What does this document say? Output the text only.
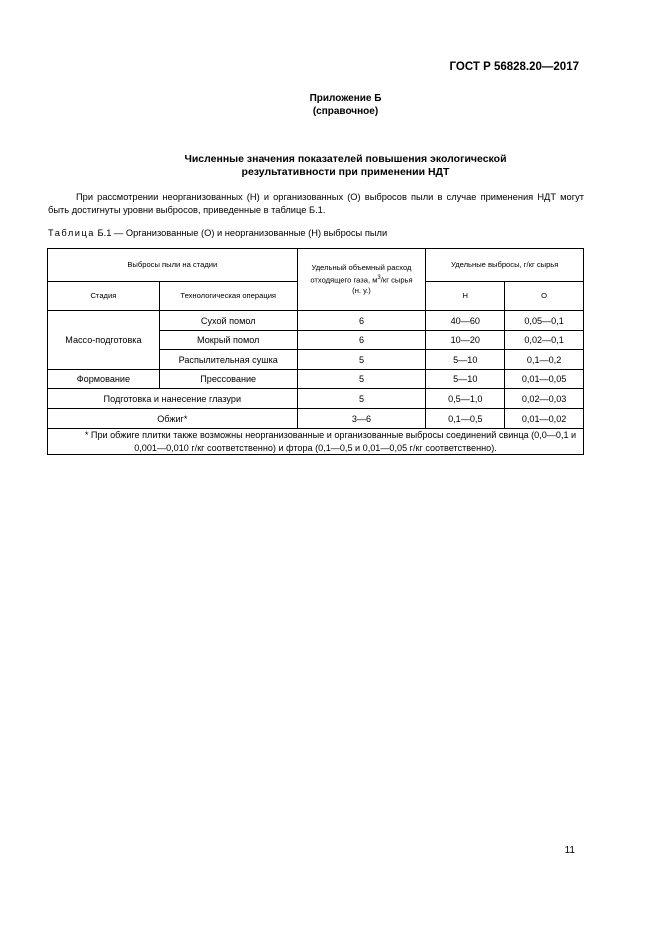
ГОСТ Р 56828.20—2017
Приложение Б
(справочное)
Численные значения показателей повышения экологической
результативности при применении НДТ
При рассмотрении неорганизованных (Н) и организованных (О) выбросов пыли в случае применения НДТ могут быть достигнуты уровни выбросов, приведенные в таблице Б.1.
Таблица Б.1 — Организованные (О) и неорганизованные (Н) выбросы пыли
Выбросы пыли на стадии		Удельный объемный расход отходящего газа, $м^3/кг$ сырья (н. у.)	Удельные выбросы, г/кг сырья	
Стадия	Технологическая операция		Н	О
Массо-подготовка	Сухой помол	6	40—60	0,05—0,1
	Мокрый помол	6	10—20	0,02—0,1
	Распылительная сушка	5	5—10	0,1—0,2
Формование	Прессование	5	5—10	0,01—0,05
Подготовка и нанесение глазури		5	0,5—1,0	0,02—0,03
Обжиг*		3—6	0,1—0,5	0,01—0,02
* При обжиге плитки также возможны неорганизованные и организованные выбросы соединений свинца (0,0—0,1 и 0,001—0,010 г/кг соответственно) и фтора (0,1—0,5 и 0,01—0,05 г/кг соответственно).				
11
